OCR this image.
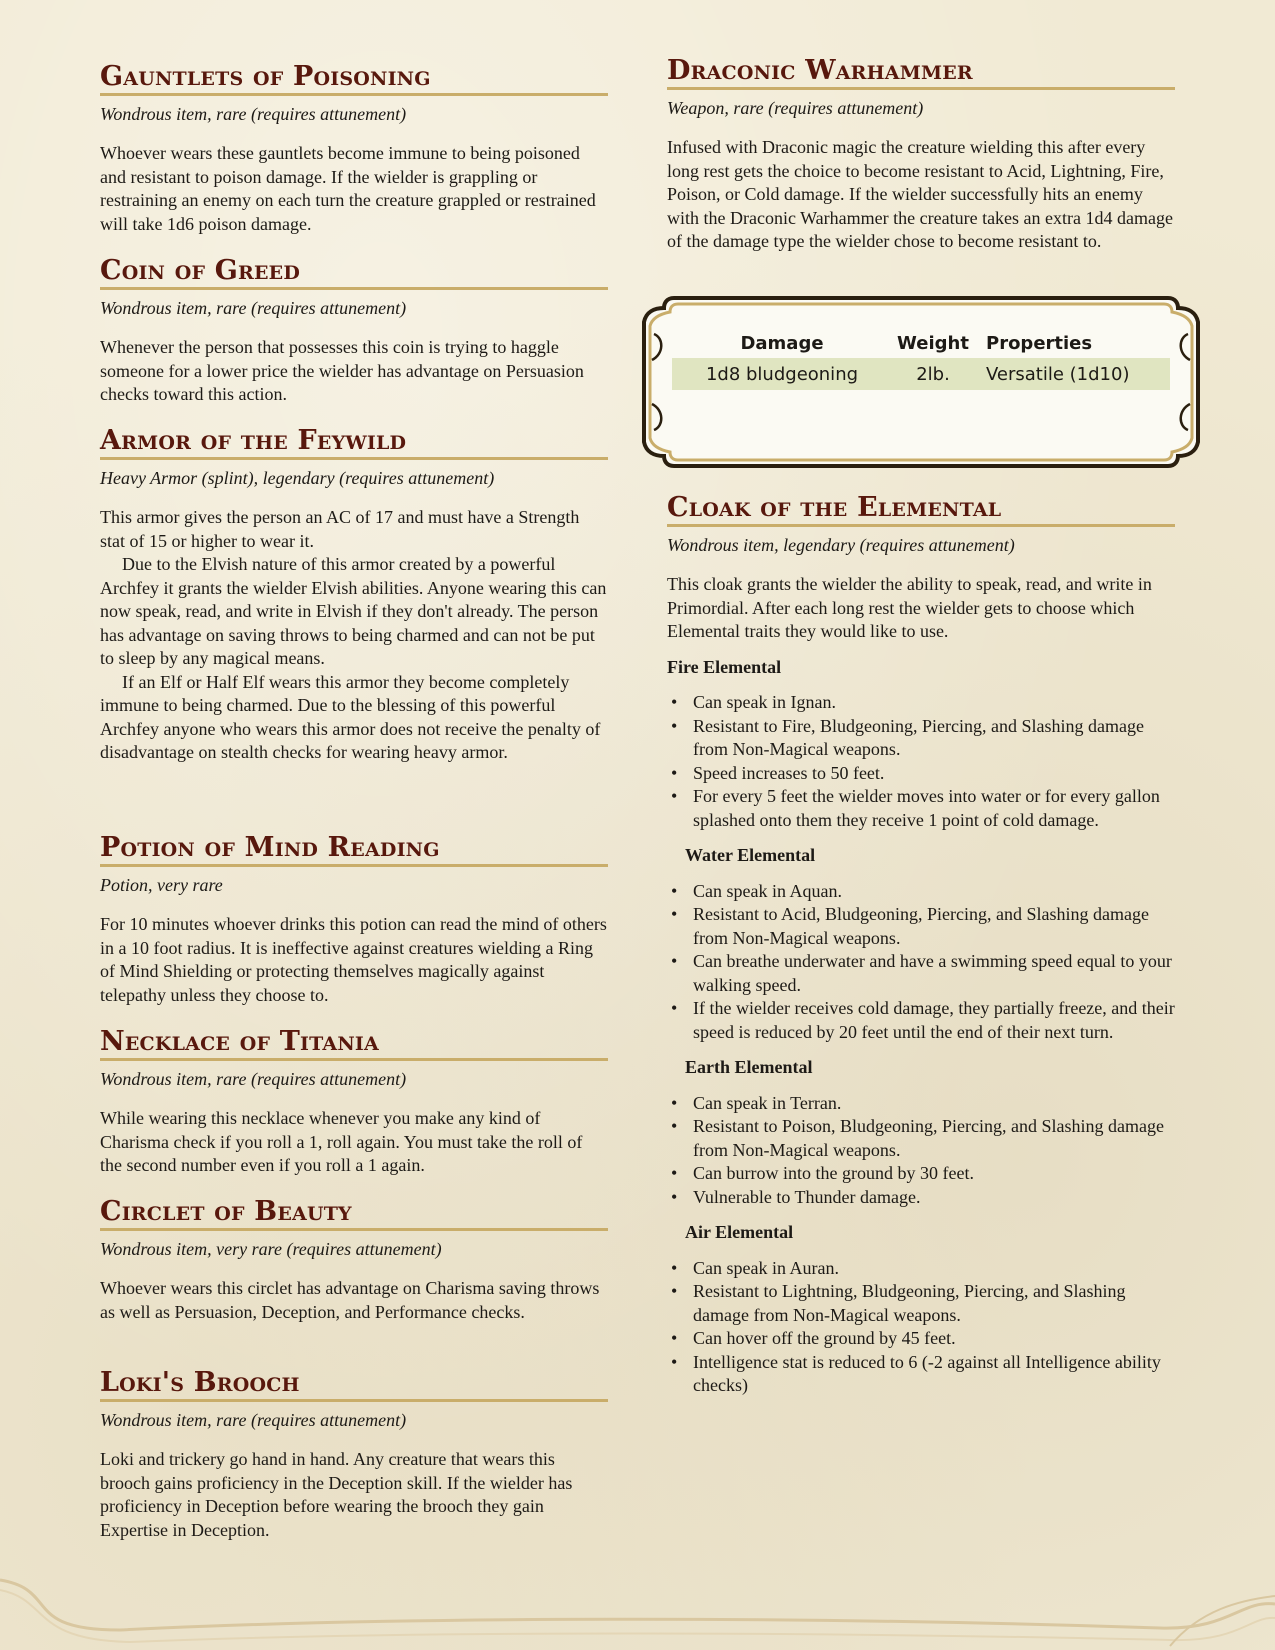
Gauntlets of Poisoning
Wondrous item, rare (requires attunement)

Whoever wears these gauntlets become immune to being poisoned and resistant to poison damage. If the wielder is grappling or restraining an enemy on each turn the creature grappled or restrained will take 1d6 poison damage.

Coin of Greed
Wondrous item, rare (requires attunement)

Whenever the person that possesses this coin is trying to haggle someone for a lower price the wielder has advantage on Persuasion checks toward this action.

Armor of the Feywild
Heavy Armor (splint), legendary (requires attunement)

This armor gives the person an AC of 17 and must have a Strength stat of 15 or higher to wear it.

Due to the Elvish nature of this armor created by a powerful Archfey it grants the wielder Elvish abilities. Anyone wearing this can now speak, read, and write in Elvish if they don't already. The person has advantage on saving throws to being charmed and can not be put to sleep by any magical means.

If an Elf or Half Elf wears this armor they become completely immune to being charmed. Due to the blessing of this powerful Archfey anyone who wears this armor does not receive the penalty of disadvantage on stealth checks for wearing heavy armor.

Potion of Mind Reading
Potion, very rare

For 10 minutes whoever drinks this potion can read the mind of others in a 10 foot radius. It is ineffective against creatures wielding a Ring of Mind Shielding or protecting themselves magically against telepathy unless they choose to.

Necklace of Titania
Wondrous item, rare (requires attunement)

While wearing this necklace whenever you make any kind of Charisma check if you roll a 1, roll again. You must take the roll of the second number even if you roll a 1 again.

Circlet of Beauty
Wondrous item, very rare (requires attunement)

Whoever wears this circlet has advantage on Charisma saving throws as well as Persuasion, Deception, and Performance checks.

Loki's Brooch
Wondrous item, rare (requires attunement)

Loki and trickery go hand in hand. Any creature that wears this brooch gains proficiency in the Deception skill. If the wielder has proficiency in Deception before wearing the brooch they gain Expertise in Deception.

Draconic Warhammer
Weapon, rare (requires attunement)

Infused with Draconic magic the creature wielding this after every long rest gets the choice to become resistant to Acid, Lightning, Fire, Poison, or Cold damage. If the wielder successfully hits an enemy with the Draconic Warhammer the creature takes an extra 1d4 damage of the damage type the wielder chose to become resistant to.

Cloak of the Elemental
Wondrous item, legendary (requires attunement)

This cloak grants the wielder the ability to speak, read, and write in Primordial. After each long rest the wielder gets to choose which Elemental traits they would like to use.

Fire Elemental

• Can speak in Ignan.
• Resistant to Fire, Bludgeoning, Piercing, and Slashing damage from Non-Magical weapons.
• Speed increases to 50 feet.
• For every 5 feet the wielder moves into water or for every gallon splashed onto them they receive 1 point of cold damage.

Water Elemental

• Can speak in Aquan.
• Resistant to Acid, Bludgeoning, Piercing, and Slashing damage from Non-Magical weapons.
• Can breathe underwater and have a swimming speed equal to your walking speed.
• If the wielder receives cold damage, they partially freeze, and their speed is reduced by 20 feet until the end of their next turn.

Earth Elemental

• Can speak in Terran.
• Resistant to Poison, Bludgeoning, Piercing, and Slashing damage from Non-Magical weapons.
• Can burrow into the ground by 30 feet.
• Vulnerable to Thunder damage.

Air Elemental

• Can speak in Auran.
• Resistant to Lightning, Bludgeoning, Piercing, and Slashing damage from Non-Magical weapons.
• Can hover off the ground by 45 feet.
• Intelligence stat is reduced to 6 (-2 against all Intelligence ability checks)
Damage	Weight	Properties
1d8 bludgeoning	2lb.	Versatile (1d10)
